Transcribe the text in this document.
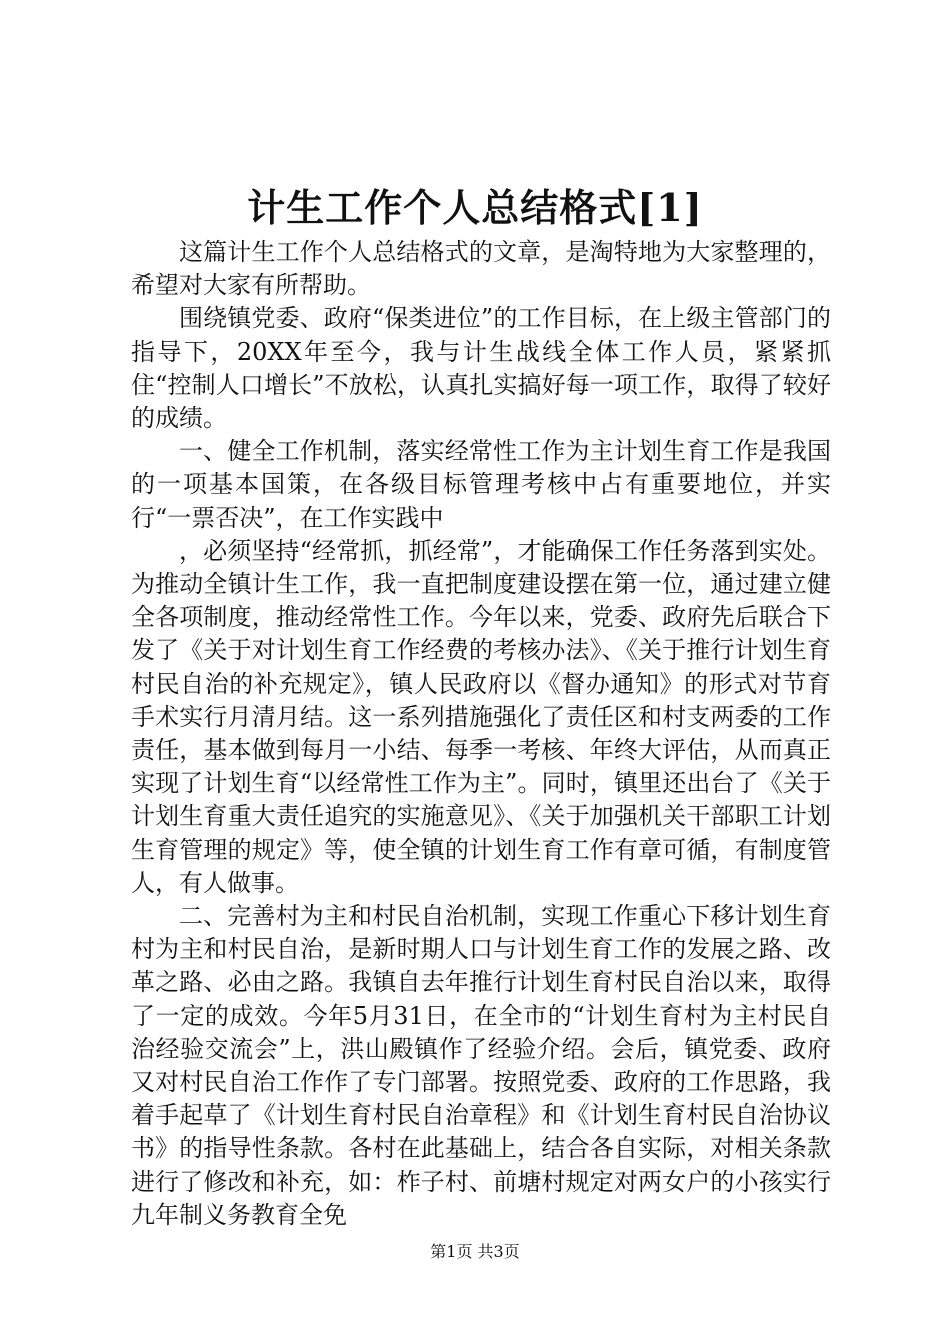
计生工作个人总结格式[1]

这篇计生工作个人总结格式的文章，是淘特地为大家整理的，希望对大家有所帮助。

围绕镇党委、政府“保类进位”的工作目标，在上级主管部门的指导下，20XX年至今，我与计生战线全体工作人员，紧紧抓住“控制人口增长”不放松，认真扎实搞好每一项工作，取得了较好的成绩。

一、健全工作机制，落实经常性工作为主计划生育工作是我国的一项基本国策，在各级目标管理考核中占有重要地位，并实行“一票否决”，在工作实践中

，必须坚持“经常抓，抓经常”，才能确保工作任务落到实处。为推动全镇计生工作，我一直把制度建设摆在第一位，通过建立健全各项制度，推动经常性工作。今年以来，党委、政府先后联合下发了《关于对计划生育工作经费的考核办法》、《关于推行计划生育村民自治的补充规定》，镇人民政府以《督办通知》的形式对节育手术实行月清月结。这一系列措施强化了责任区和村支两委的工作责任，基本做到每月一小结、每季一考核、年终大评估，从而真正实现了计划生育“以经常性工作为主”。同时，镇里还出台了《关于计划生育重大责任追究的实施意见》、《关于加强机关干部职工计划生育管理的规定》等，使全镇的计划生育工作有章可循，有制度管人，有人做事。

二、完善村为主和村民自治机制，实现工作重心下移计划生育村为主和村民自治，是新时期人口与计划生育工作的发展之路、改革之路、必由之路。我镇自去年推行计划生育村民自治以来，取得了一定的成效。今年5月31日，在全市的“计划生育村为主村民自治经验交流会”上，洪山殿镇作了经验介绍。会后，镇党委、政府又对村民自治工作作了专门部署。按照党委、政府的工作思路，我着手起草了《计划生育村民自治章程》和《计划生育村民自治协议书》的指导性条款。各村在此基础上，结合各自实际，对相关条款进行了修改和补充，如：柞子村、前塘村规定对两女户的小孩实行九年制义务教育全免

第1页 共3页
